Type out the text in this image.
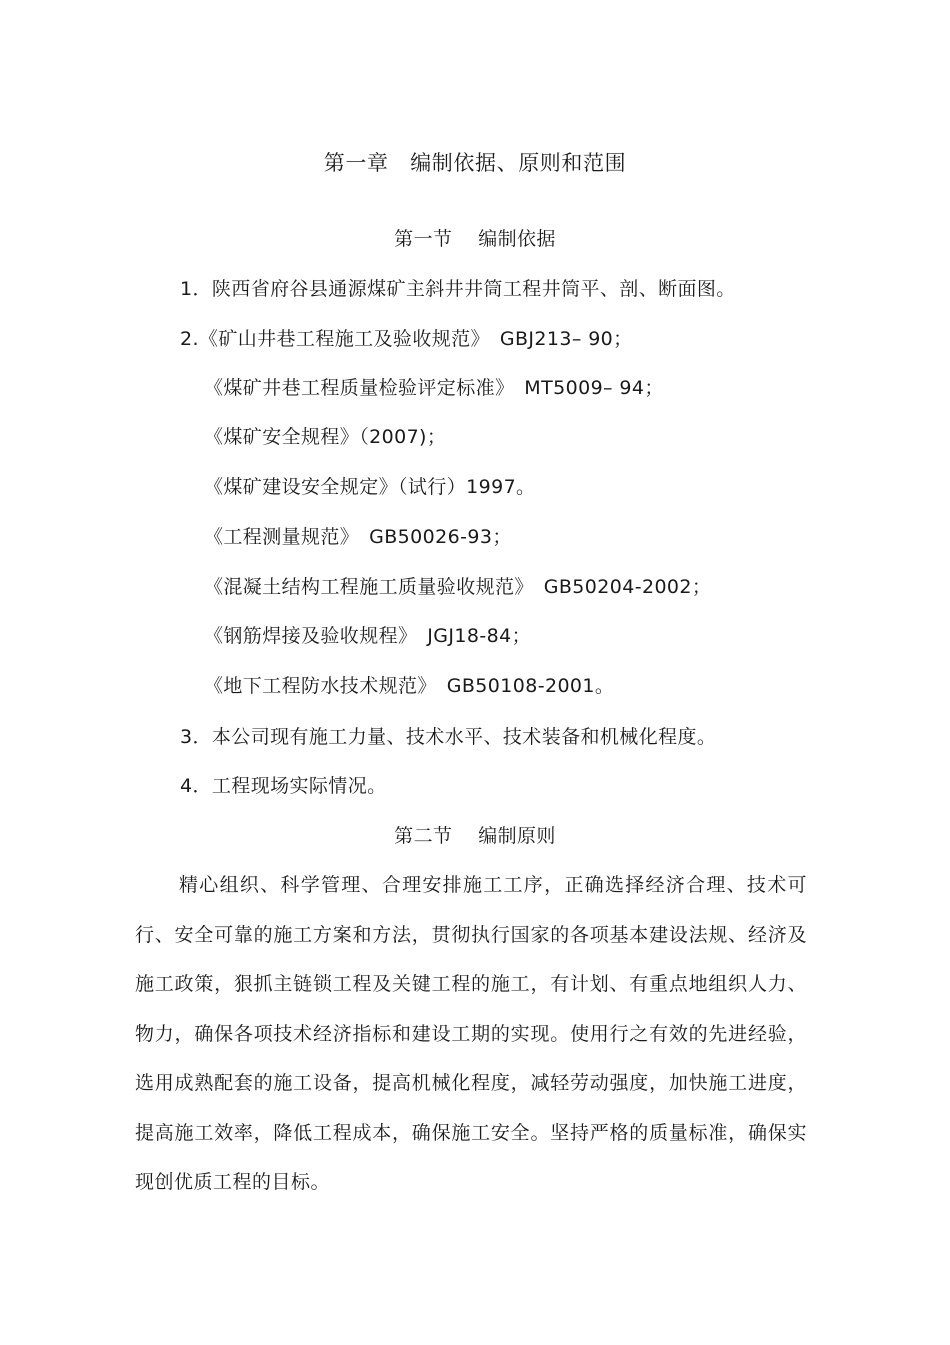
第一章　编制依据、原则和范围
第一节　 编制依据
1．陕西省府谷县通源煤矿主斜井井筒工程井筒平、剖、断面图。
2.《矿山井巷工程施工及验收规范》　GBJ213– 90；
《煤矿井巷工程质量检验评定标准》　MT5009– 94；
《煤矿安全规程》（2007)；
《煤矿建设安全规定》（试行）1997。
《工程测量规范》　GB50026-93；
《混凝土结构工程施工质量验收规范》　GB50204-2002；
《钢筋焊接及验收规程》　JGJ18-84；
《地下工程防水技术规范》　GB50108-2001。
3．本公司现有施工力量、技术水平、技术装备和机械化程度。
4．工程现场实际情况。
第二节　 编制原则
精心组织、科学管理、合理安排施工工序，正确选择经济合理、技术可行、安全可靠的施工方案和方法，贯彻执行国家的各项基本建设法规、经济及施工政策，狠抓主链锁工程及关键工程的施工，有计划、有重点地组织人力、物力，确保各项技术经济指标和建设工期的实现。使用行之有效的先进经验，选用成熟配套的施工设备，提高机械化程度，减轻劳动强度，加快施工进度，提高施工效率，降低工程成本，确保施工安全。坚持严格的质量标准，确保实现创优质工程的目标。
